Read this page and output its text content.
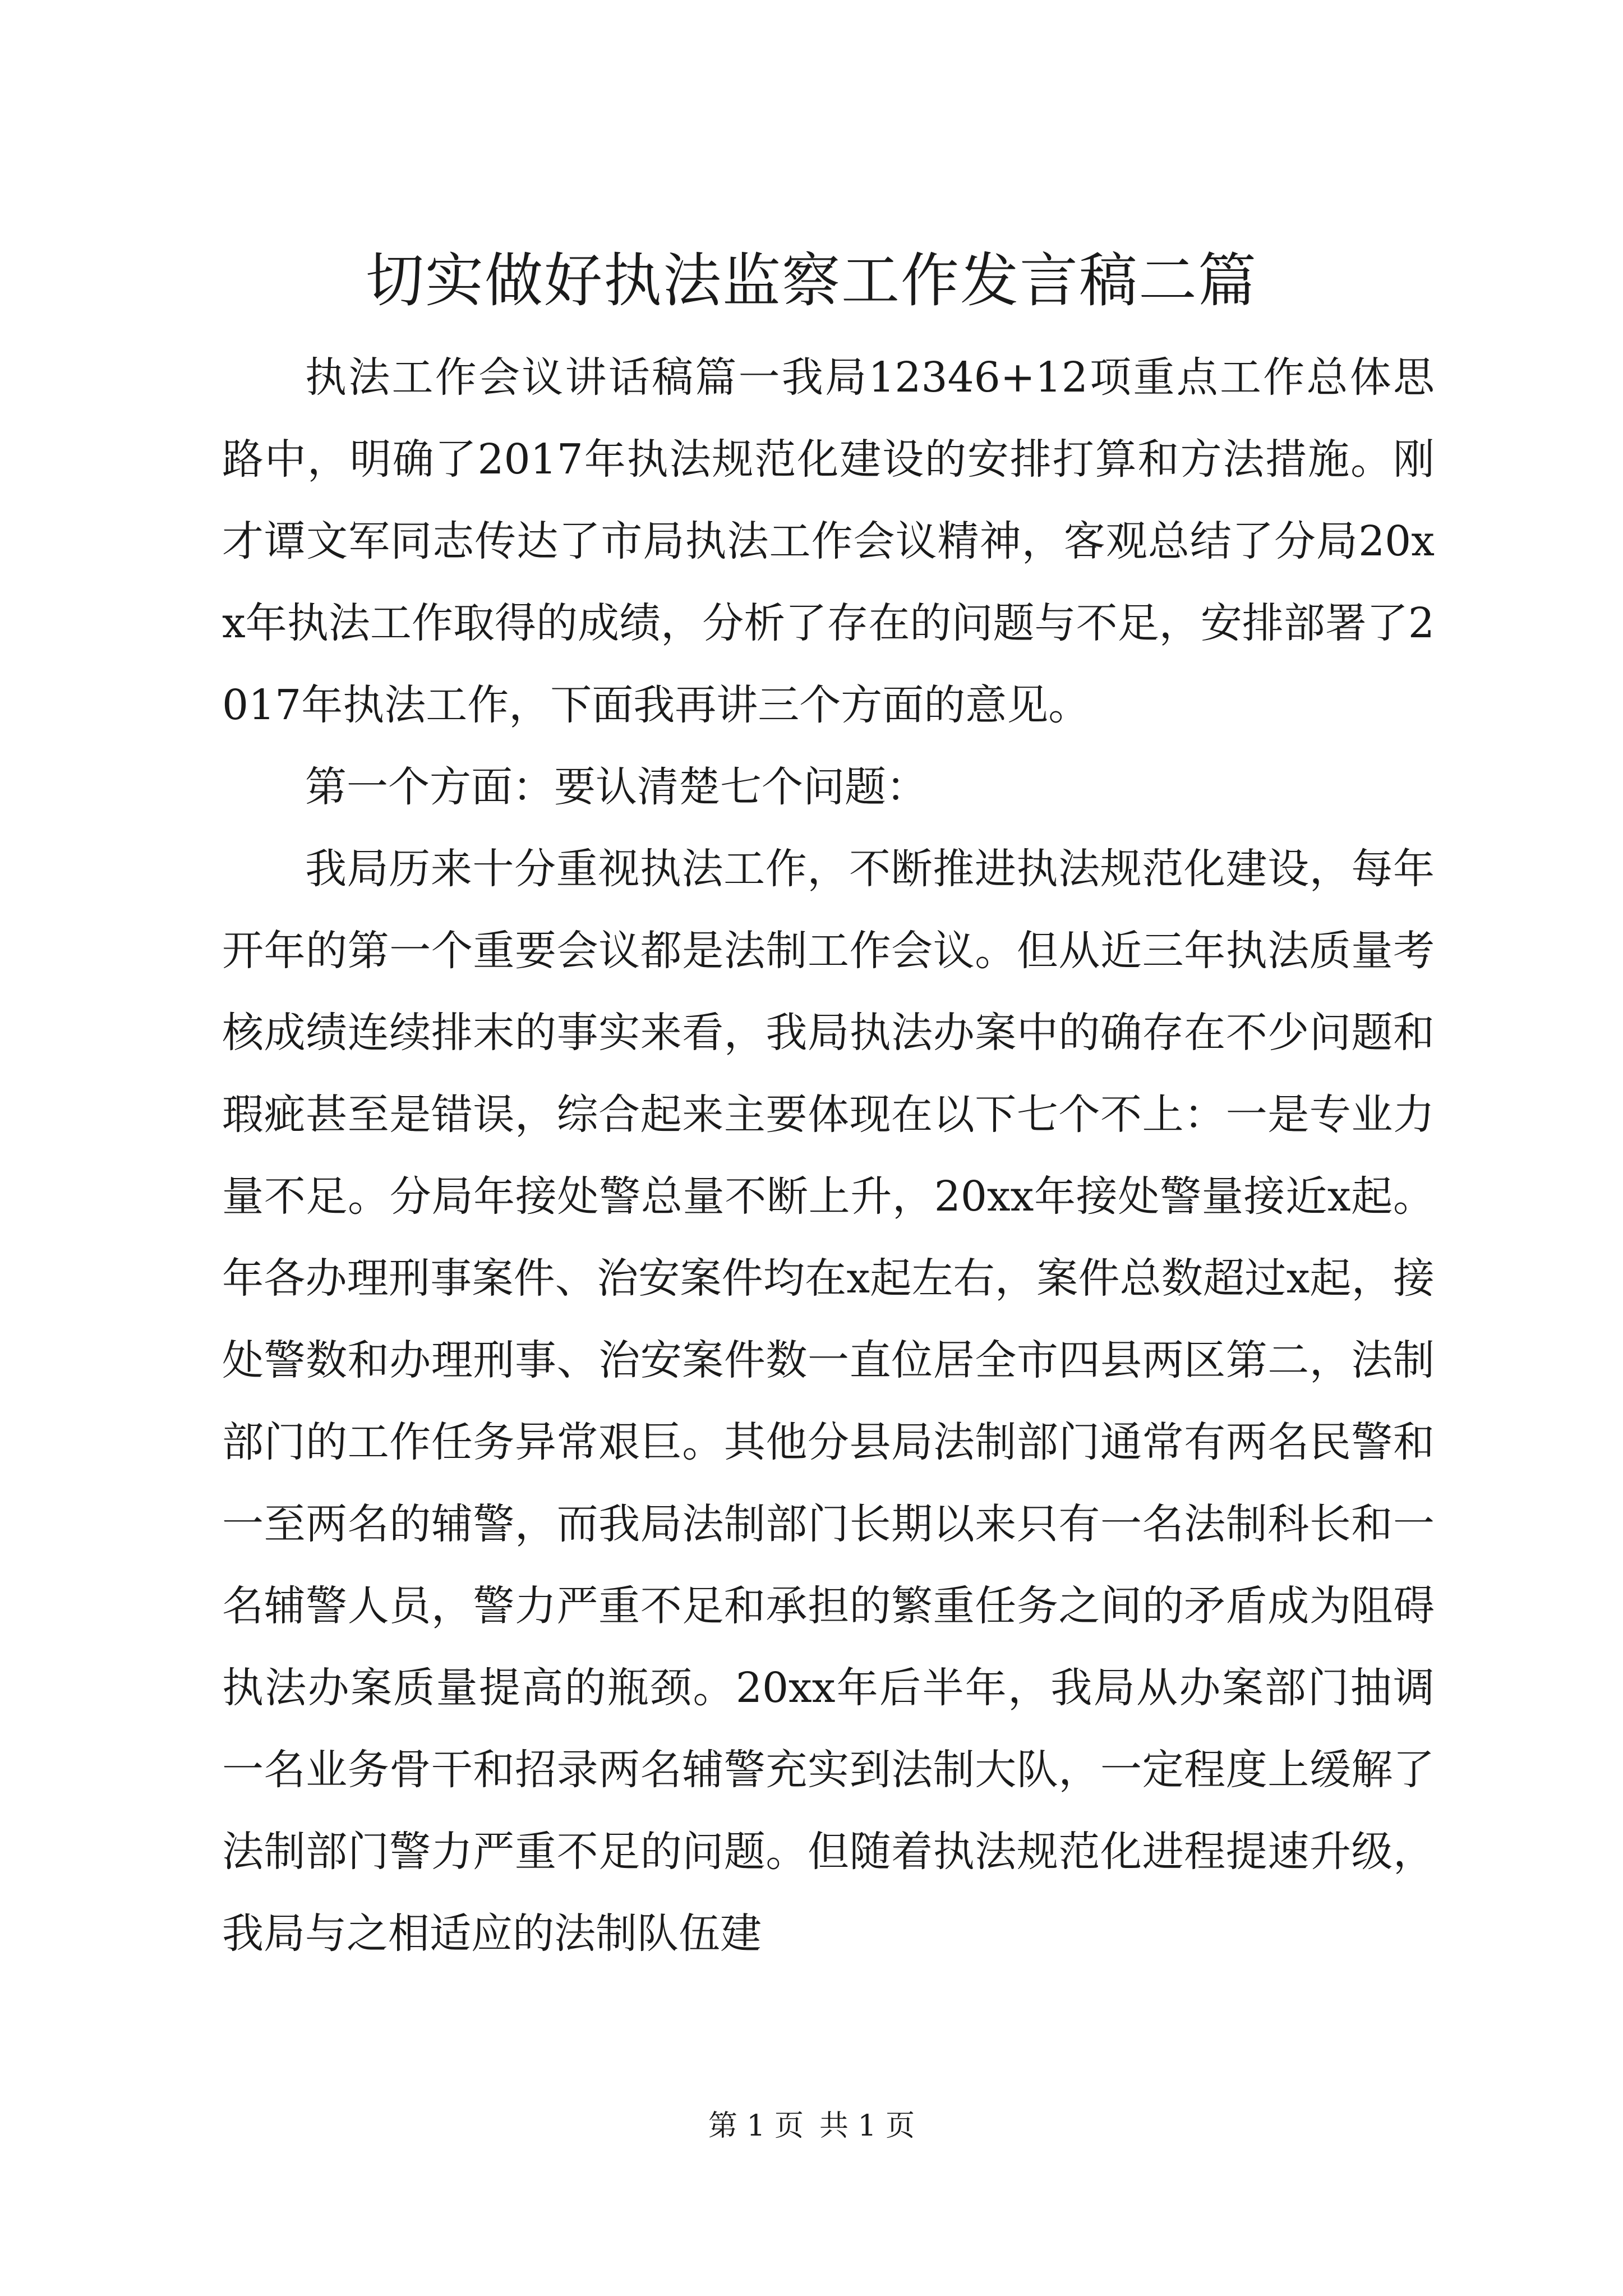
切实做好执法监察工作发言稿二篇

执法工作会议讲话稿篇一我局12346+12项重点工作总体思路中，明确了2017年执法规范化建设的安排打算和方法措施。刚才谭文军同志传达了市局执法工作会议精神，客观总结了分局20xx年执法工作取得的成绩，分析了存在的问题与不足，安排部署了2017年执法工作，下面我再讲三个方面的意见。

第一个方面：要认清楚七个问题：

我局历来十分重视执法工作，不断推进执法规范化建设，每年开年的第一个重要会议都是法制工作会议。但从近三年执法质量考核成绩连续排末的事实来看，我局执法办案中的确存在不少问题和瑕疵甚至是错误，综合起来主要体现在以下七个不上：一是专业力量不足。分局年接处警总量不断上升，20xx年接处警量接近x起。年各办理刑事案件、治安案件均在x起左右，案件总数超过x起，接处警数和办理刑事、治安案件数一直位居全市四县两区第二，法制部门的工作任务异常艰巨。其他分县局法制部门通常有两名民警和一至两名的辅警，而我局法制部门长期以来只有一名法制科长和一名辅警人员，警力严重不足和承担的繁重任务之间的矛盾成为阻碍执法办案质量提高的瓶颈。20xx年后半年，我局从办案部门抽调一名业务骨干和招录两名辅警充实到法制大队，一定程度上缓解了法制部门警力严重不足的问题。但随着执法规范化进程提速升级，我局与之相适应的法制队伍建

第 1 页 共 1 页
